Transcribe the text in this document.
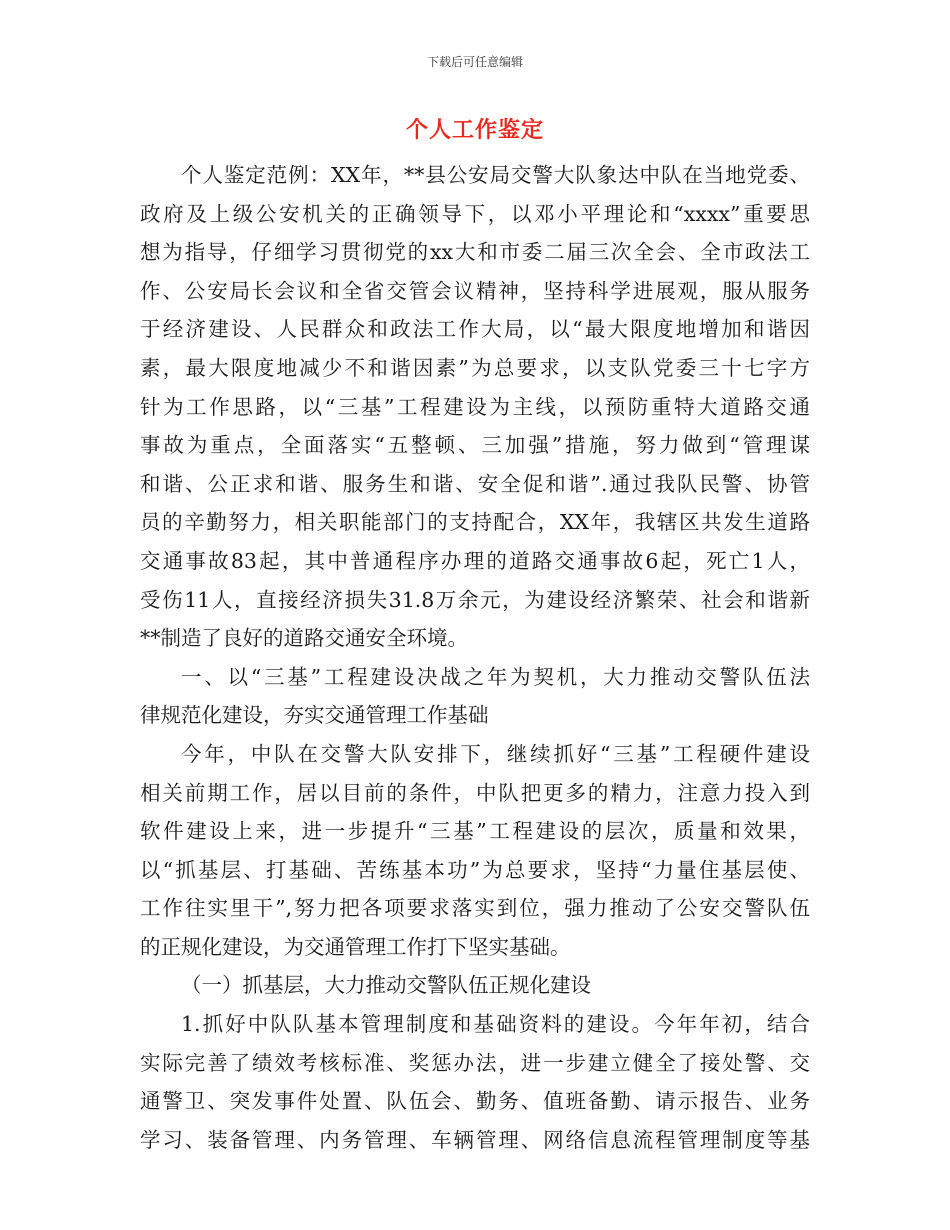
下载后可任意编辑
个人工作鉴定
个人鉴定范例：XX年，**县公安局交警大队象达中队在当地党委、
政府及上级公安机关的正确领导下，以邓小平理论和“xxxx”重要思
想为指导，仔细学习贯彻党的xx大和市委二届三次全会、全市政法工
作、公安局长会议和全省交管会议精神，坚持科学进展观，服从服务
于经济建设、人民群众和政法工作大局，以“最大限度地增加和谐因
素，最大限度地减少不和谐因素”为总要求，以支队党委三十七字方
针为工作思路，以“三基”工程建设为主线，以预防重特大道路交通
事故为重点，全面落实“五整顿、三加强”措施，努力做到“管理谋
和谐、公正求和谐、服务生和谐、安全促和谐”.通过我队民警、协管
员的辛勤努力，相关职能部门的支持配合，XX年，我辖区共发生道路
交通事故83起，其中普通程序办理的道路交通事故6起，死亡1人，
受伤11人，直接经济损失31.8万余元，为建设经济繁荣、社会和谐新
**制造了良好的道路交通安全环境。
一、以“三基”工程建设决战之年为契机，大力推动交警队伍法
律规范化建设，夯实交通管理工作基础
今年，中队在交警大队安排下，继续抓好“三基”工程硬件建设
相关前期工作，居以目前的条件，中队把更多的精力，注意力投入到
软件建设上来，进一步提升“三基”工程建设的层次，质量和效果，
以“抓基层、打基础、苦练基本功”为总要求，坚持“力量住基层使、
工作往实里干”,努力把各项要求落实到位，强力推动了公安交警队伍
的正规化建设，为交通管理工作打下坚实基础。
（一）抓基层，大力推动交警队伍正规化建设
1.抓好中队队基本管理制度和基础资料的建设。今年年初，结合
实际完善了绩效考核标准、奖惩办法，进一步建立健全了接处警、交
通警卫、突发事件处置、队伍会、勤务、值班备勤、请示报告、业务
学习、装备管理、内务管理、车辆管理、网络信息流程管理制度等基
